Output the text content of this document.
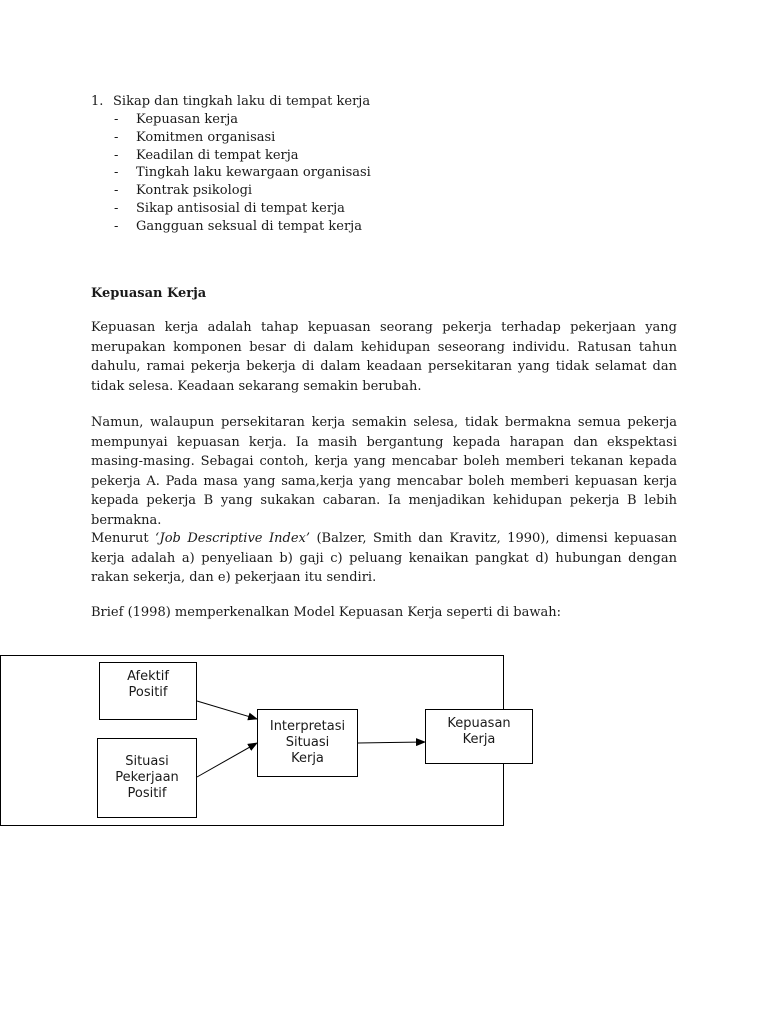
1. Sikap dan tingkah laku di tempat kerja
- Kepuasan kerja
- Komitmen organisasi
- Keadilan di tempat kerja
- Tingkah laku kewargaan organisasi
- Kontrak psikologi
- Sikap antisosial di tempat kerja
- Gangguan seksual di tempat kerja
Kepuasan Kerja

Kepuasan kerja adalah tahap kepuasan seorang pekerja terhadap pekerjaan yang merupakan komponen besar di dalam kehidupan seseorang individu. Ratusan tahun dahulu, ramai pekerja bekerja di dalam keadaan persekitaran yang tidak selamat dan tidak selesa. Keadaan sekarang semakin berubah.

Namun, walaupun persekitaran kerja semakin selesa, tidak bermakna semua pekerja mempunyai kepuasan kerja. Ia masih bergantung kepada harapan dan ekspektasi masing-masing. Sebagai contoh, kerja yang mencabar boleh memberi tekanan kepada pekerja A. Pada masa yang sama,kerja yang mencabar boleh memberi kepuasan kerja kepada pekerja B yang sukakan cabaran. Ia menjadikan kehidupan pekerja B lebih bermakna.

Menurut ‘Job Descriptive Index’ (Balzer, Smith dan Kravitz, 1990), dimensi kepuasan kerja adalah a) penyeliaan b) gaji c) peluang kenaikan pangkat d) hubungan dengan rakan sekerja, dan e) pekerjaan itu sendiri.

Brief (1998) memperkenalkan Model Kepuasan Kerja seperti di bawah:

Afektif
Positif
Situasi
Pekerjaan
Positif
Interpretasi
Situasi
Kerja
Kepuasan
Kerja
